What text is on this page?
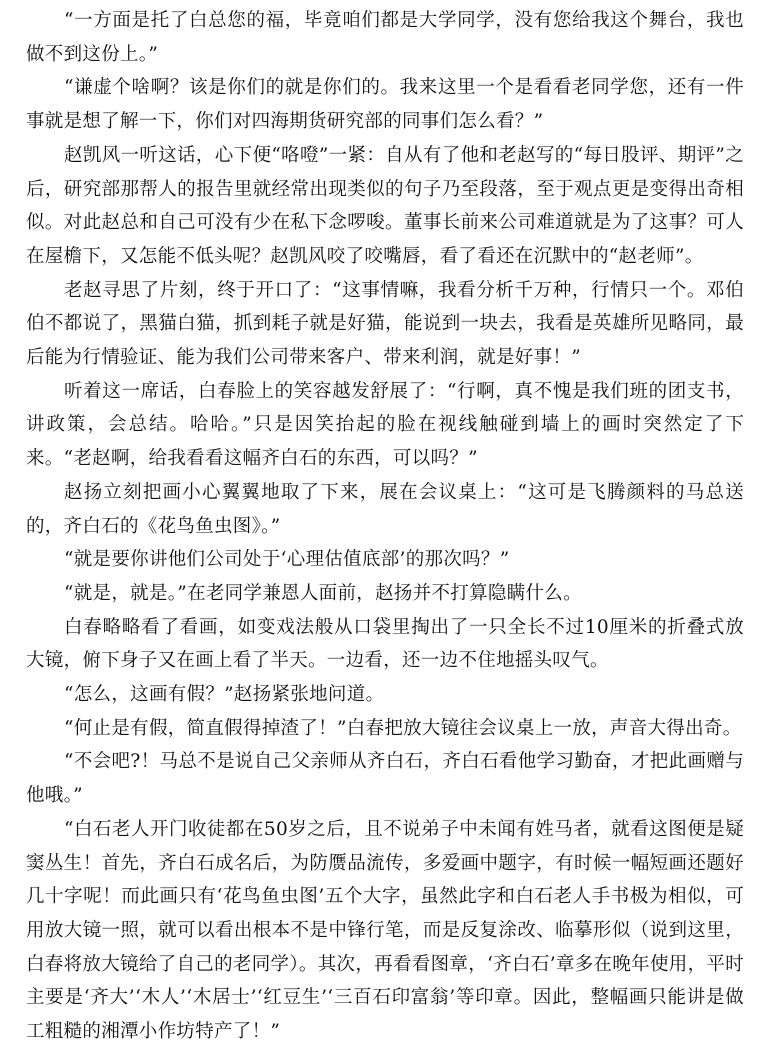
“一方面是托了白总您的福，毕竟咱们都是大学同学，没有您给我这个舞台，我也做不到这份上。”

“谦虚个啥啊？该是你们的就是你们的。我来这里一个是看看老同学您，还有一件事就是想了解一下，你们对四海期货研究部的同事们怎么看？”

赵凯风一听这话，心下便“咯噔”一紧：自从有了他和老赵写的“每日股评、期评”之后，研究部那帮人的报告里就经常出现类似的句子乃至段落，至于观点更是变得出奇相似。对此赵总和自己可没有少在私下念啰唆。董事长前来公司难道就是为了这事？可人在屋檐下，又怎能不低头呢？赵凯风咬了咬嘴唇，看了看还在沉默中的“赵老师”。

老赵寻思了片刻，终于开口了：“这事情嘛，我看分析千万种，行情只一个。邓伯伯不都说了，黑猫白猫，抓到耗子就是好猫，能说到一块去，我看是英雄所见略同，最后能为行情验证、能为我们公司带来客户、带来利润，就是好事！”

听着这一席话，白春脸上的笑容越发舒展了：“行啊，真不愧是我们班的团支书，讲政策，会总结。哈哈。”只是因笑抬起的脸在视线触碰到墙上的画时突然定了下来。“老赵啊，给我看看这幅齐白石的东西，可以吗？”

赵扬立刻把画小心翼翼地取了下来，展在会议桌上：“这可是飞腾颜料的马总送的，齐白石的《花鸟鱼虫图》。”

“就是要你讲他们公司处于‘心理估值底部’的那次吗？”

“就是，就是。”在老同学兼恩人面前，赵扬并不打算隐瞒什么。

白春略略看了看画，如变戏法般从口袋里掏出了一只全长不过10厘米的折叠式放大镜，俯下身子又在画上看了半天。一边看，还一边不住地摇头叹气。

“怎么，这画有假？”赵扬紧张地问道。

“何止是有假，简直假得掉渣了！”白春把放大镜往会议桌上一放，声音大得出奇。

“不会吧?！马总不是说自己父亲师从齐白石，齐白石看他学习勤奋，才把此画赠与他哦。”

“白石老人开门收徒都在50岁之后，且不说弟子中未闻有姓马者，就看这图便是疑窦丛生！首先，齐白石成名后，为防赝品流传，多爱画中题字，有时候一幅短画还题好几十字呢！而此画只有‘花鸟鱼虫图’五个大字，虽然此字和白石老人手书极为相似，可用放大镜一照，就可以看出根本不是中锋行笔，而是反复涂改、临摹形似（说到这里，白春将放大镜给了自己的老同学）。其次，再看看图章，‘齐白石’章多在晚年使用，平时主要是‘齐大’‘木人’‘木居士’‘红豆生’‘三百石印富翁’等印章。因此，整幅画只能讲是做工粗糙的湘潭小作坊特产了！”
